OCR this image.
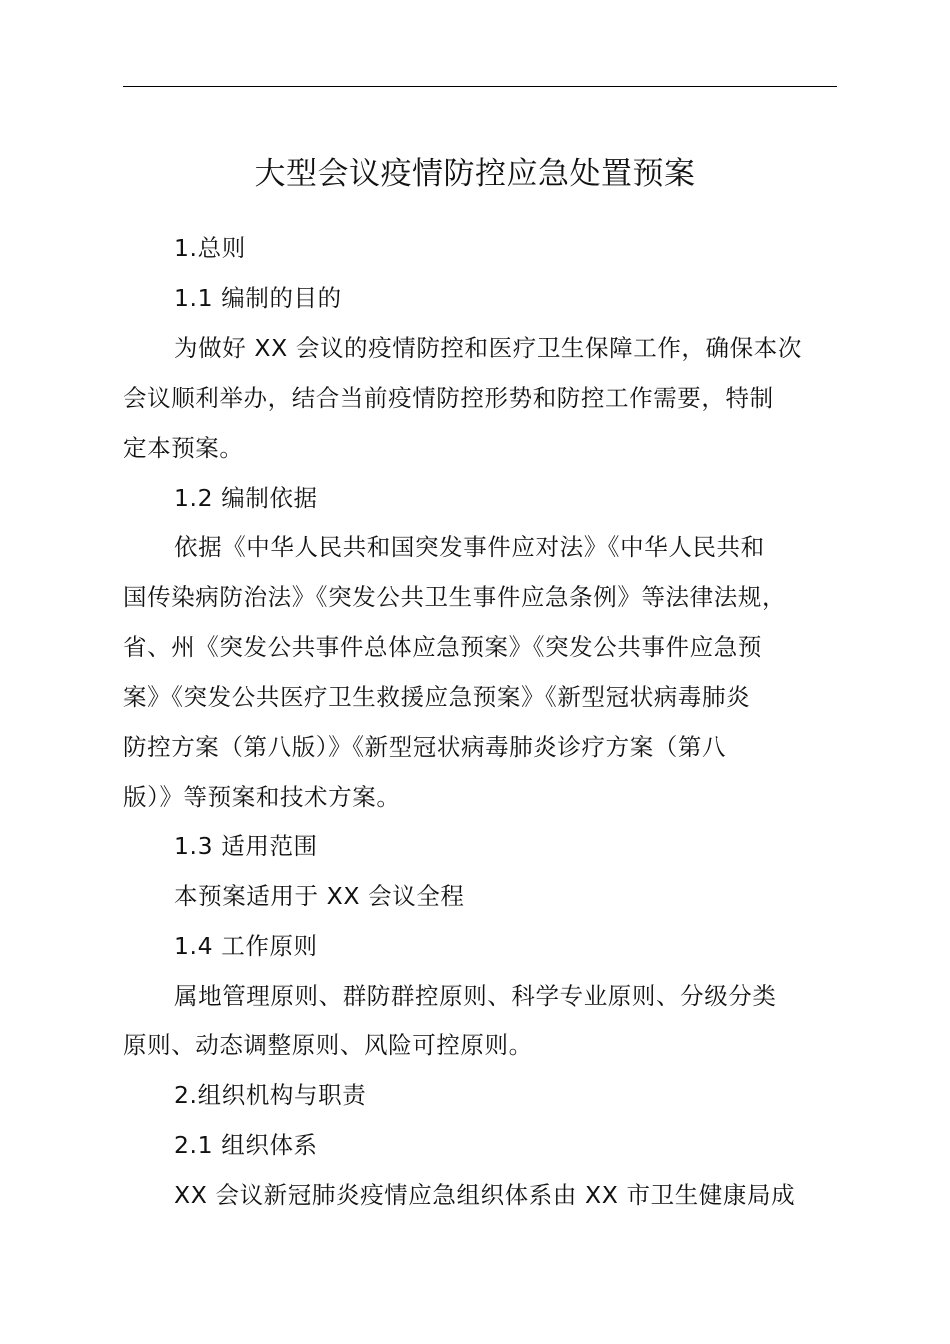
大型会议疫情防控应急处置预案
1.总则
1.1 编制的目的
为做好 XX 会议的疫情防控和医疗卫生保障工作，确保本次
会议顺利举办，结合当前疫情防控形势和防控工作需要，特制
定本预案。
1.2 编制依据
依据《中华人民共和国突发事件应对法》《中华人民共和
国传染病防治法》《突发公共卫生事件应急条例》等法律法规，
省、州《突发公共事件总体应急预案》《突发公共事件应急预
案》《突发公共医疗卫生救援应急预案》《新型冠状病毒肺炎
防控方案（第八版）》《新型冠状病毒肺炎诊疗方案（第八
版）》等预案和技术方案。
1.3 适用范围
本预案适用于 XX 会议全程
1.4 工作原则
属地管理原则、群防群控原则、科学专业原则、分级分类
原则、动态调整原则、风险可控原则。
2.组织机构与职责
2.1 组织体系
XX 会议新冠肺炎疫情应急组织体系由 XX 市卫生健康局成
